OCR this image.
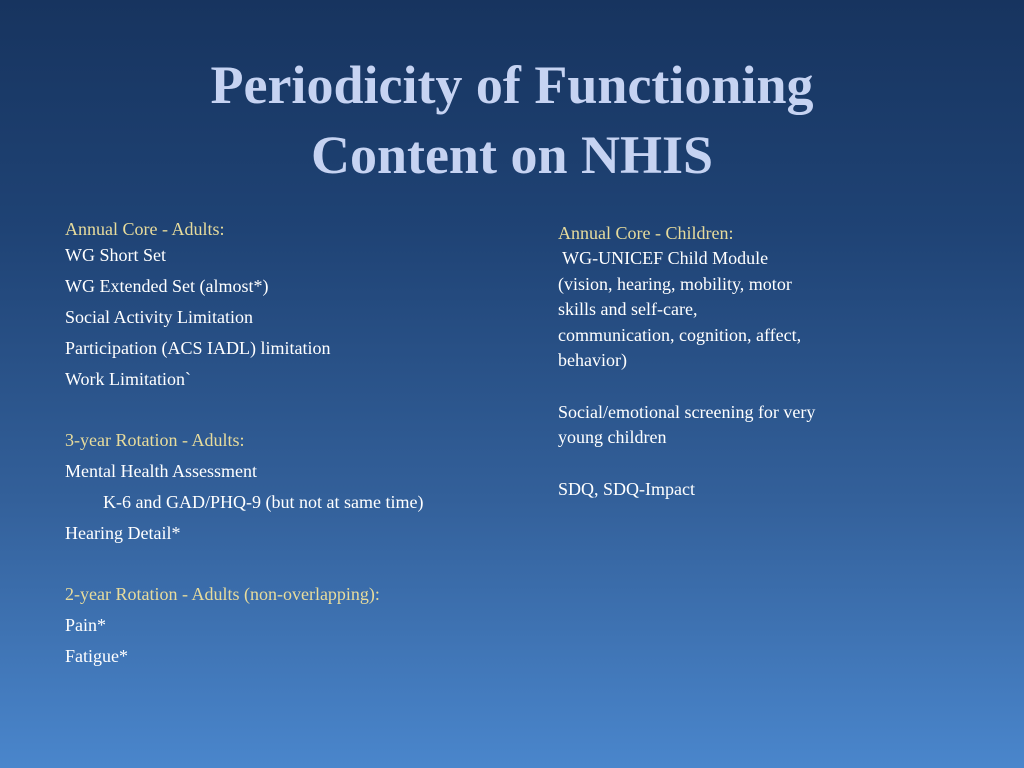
Periodicity of Functioning
Content on NHIS
Annual Core - Adults:
WG Short Set
WG Extended Set (almost*)
Social Activity Limitation
Participation (ACS IADL) limitation
Work Limitation`
3-year Rotation - Adults:
Mental Health Assessment
K-6 and GAD/PHQ-9 (but not at same time)
Hearing Detail*
2-year Rotation - Adults (non-overlapping):
Pain*
Fatigue*
Annual Core - Children:
WG-UNICEF Child Module
(vision, hearing, mobility, motor
skills and self-care,
communication, cognition, affect,
behavior)
Social/emotional screening for very
young children
SDQ, SDQ-Impact
